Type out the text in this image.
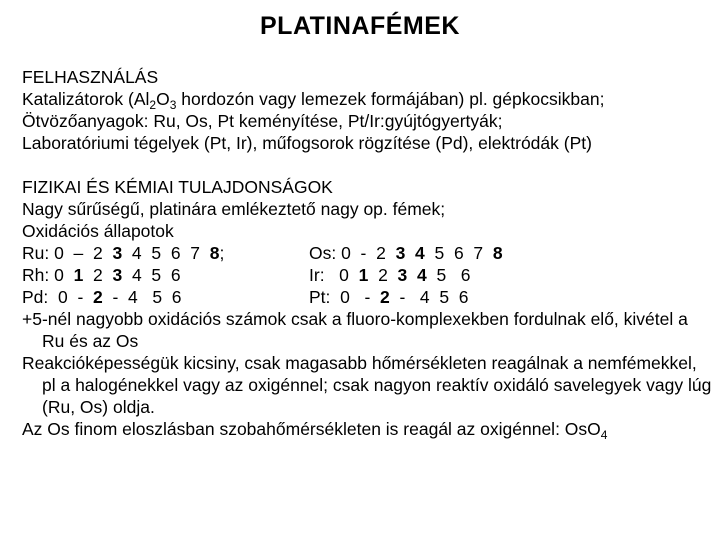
PLATINAFÉMEK
FELHASZNÁLÁS
Katalizátorok ($Al_2O_3$ hordozón vagy lemezek formájában) pl. gépkocsikban;
Ötvözőanyagok: Ru, Os, Pt keményítése, Pt/Ir:gyújtógyertyák;
Laboratóriumi tégelyek (Pt, Ir), műfogsorok rögzítése (Pd), elektródák (Pt)
FIZIKAI ÉS KÉMIAI TULAJDONSÁGOK
Nagy sűrűségű, platinára emlékeztető nagy op. fémek;
Oxidációs állapotok
Ru: 0  –  2  3  4  5  6  7  8;	Os: 0  -  2  3 4  5  6  7  8
Rh: 0  1  2  3  4  5  6	Ir:   0  1  2  3 4  5   6
Pd:  0  -  2  -  4   5  6	Pt:  0   -  2  -   4  5  6
+5-nél nagyobb oxidációs számok csak a fluoro-komplexekben fordulnak elő, kivétel a Ru és az Os
Reakcióképességük kicsiny, csak magasabb hőmérsékleten reagálnak a nemfémekkel, pl a halogénekkel vagy az oxigénnel; csak nagyon reaktív oxidáló savelegyek vagy lúg (Ru, Os) oldja.
Az Os finom eloszlásban szobahőmérsékleten is reagál az oxigénnel: OsO$_4$
